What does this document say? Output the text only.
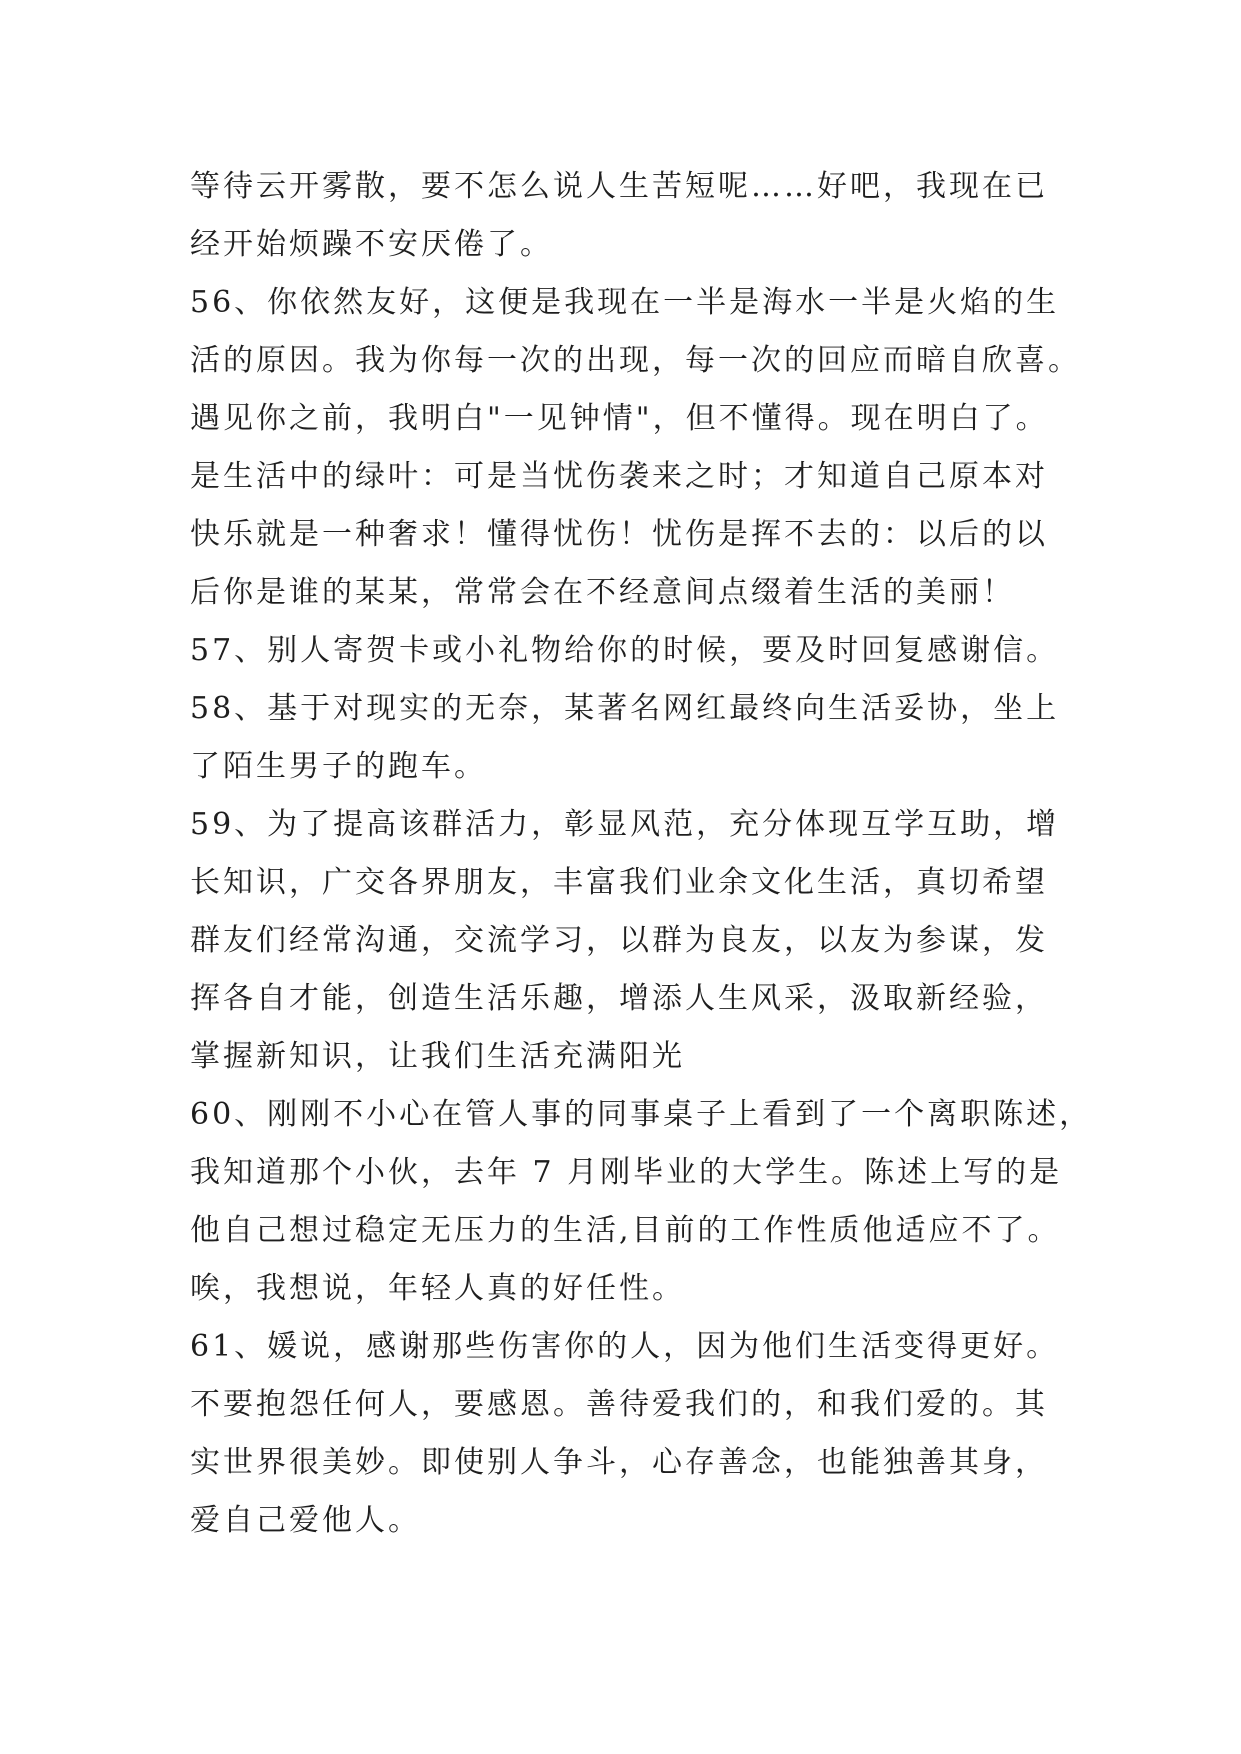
等待云开雾散，要不怎么说人生苦短呢……好吧，我现在已
经开始烦躁不安厌倦了。
56、你依然友好，这便是我现在一半是海水一半是火焰的生
活的原因。我为你每一次的出现，每一次的回应而暗自欣喜。
遇见你之前，我明白"一见钟情"，但不懂得。现在明白了。
是生活中的绿叶：可是当忧伤袭来之时；才知道自己原本对
快乐就是一种奢求！懂得忧伤！忧伤是挥不去的：以后的以
后你是谁的某某，常常会在不经意间点缀着生活的美丽！
57、别人寄贺卡或小礼物给你的时候，要及时回复感谢信。
58、基于对现实的无奈，某著名网红最终向生活妥协，坐上
了陌生男子的跑车。
59、为了提高该群活力，彰显风范，充分体现互学互助，增
长知识，广交各界朋友，丰富我们业余文化生活，真切希望
群友们经常沟通，交流学习，以群为良友，以友为参谋，发
挥各自才能，创造生活乐趣，增添人生风采，汲取新经验，
掌握新知识，让我们生活充满阳光
60、刚刚不小心在管人事的同事桌子上看到了一个离职陈述，
我知道那个小伙，去年 7 月刚毕业的大学生。陈述上写的是
他自己想过稳定无压力的生活,目前的工作性质他适应不了。
唉，我想说，年轻人真的好任性。
61、媛说，感谢那些伤害你的人，因为他们生活变得更好。
不要抱怨任何人，要感恩。善待爱我们的，和我们爱的。其
实世界很美妙。即使别人争斗，心存善念，也能独善其身，
爱自己爱他人。
